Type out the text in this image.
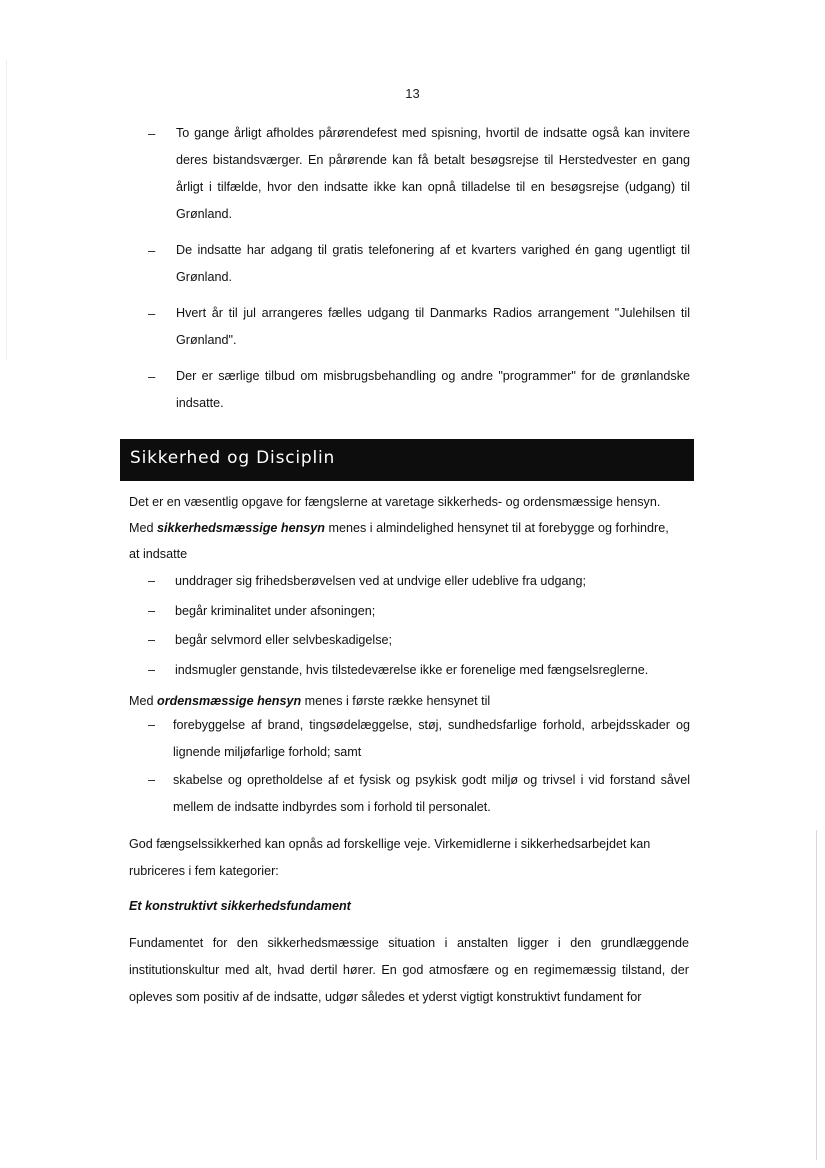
13
– To gange årligt afholdes pårørendefest med spisning, hvortil de indsatte også kan invitere deres bistandsværger. En pårørende kan få betalt besøgsrejse til Herstedvester en gang årligt i tilfælde, hvor den indsatte ikke kan opnå tilladelse til en besøgsrejse (udgang) til Grønland.
– De indsatte har adgang til gratis telefonering af et kvarters varighed én gang ugentligt til Grønland.
– Hvert år til jul arrangeres fælles udgang til Danmarks Radios arrangement "Julehilsen til Grønland".
– Der er særlige tilbud om misbrugsbehandling og andre "programmer" for de grønlandske indsatte.
Sikkerhed og Disciplin
Det er en væsentlig opgave for fængslerne at varetage sikkerheds- og ordensmæssige hensyn.
Med sikkerhedsmæssige hensyn menes i almindelighed hensynet til at forebygge og forhindre,
at indsatte
– unddrager sig frihedsberøvelsen ved at undvige eller udeblive fra udgang;
– begår kriminalitet under afsoningen;
– begår selvmord eller selvbeskadigelse;
– indsmugler genstande, hvis tilstedeværelse ikke er forenelige med fængselsreglerne.
Med ordensmæssige hensyn menes i første række hensynet til
– forebyggelse af brand, tingsødelæggelse, støj, sundhedsfarlige forhold, arbejdsskader og lignende miljøfarlige forhold; samt
– skabelse og opretholdelse af et fysisk og psykisk godt miljø og trivsel i vid forstand såvel mellem de indsatte indbyrdes som i forhold til personalet.
God fængselssikkerhed kan opnås ad forskellige veje. Virkemidlerne i sikkerhedsarbejdet kan rubriceres i fem kategorier:
Et konstruktivt sikkerhedsfundament
Fundamentet for den sikkerhedsmæssige situation i anstalten ligger i den grundlæggende institutionskultur med alt, hvad dertil hører. En god atmosfære og en regimemæssig tilstand, der opleves som positiv af de indsatte, udgør således et yderst vigtigt konstruktivt fundament for
